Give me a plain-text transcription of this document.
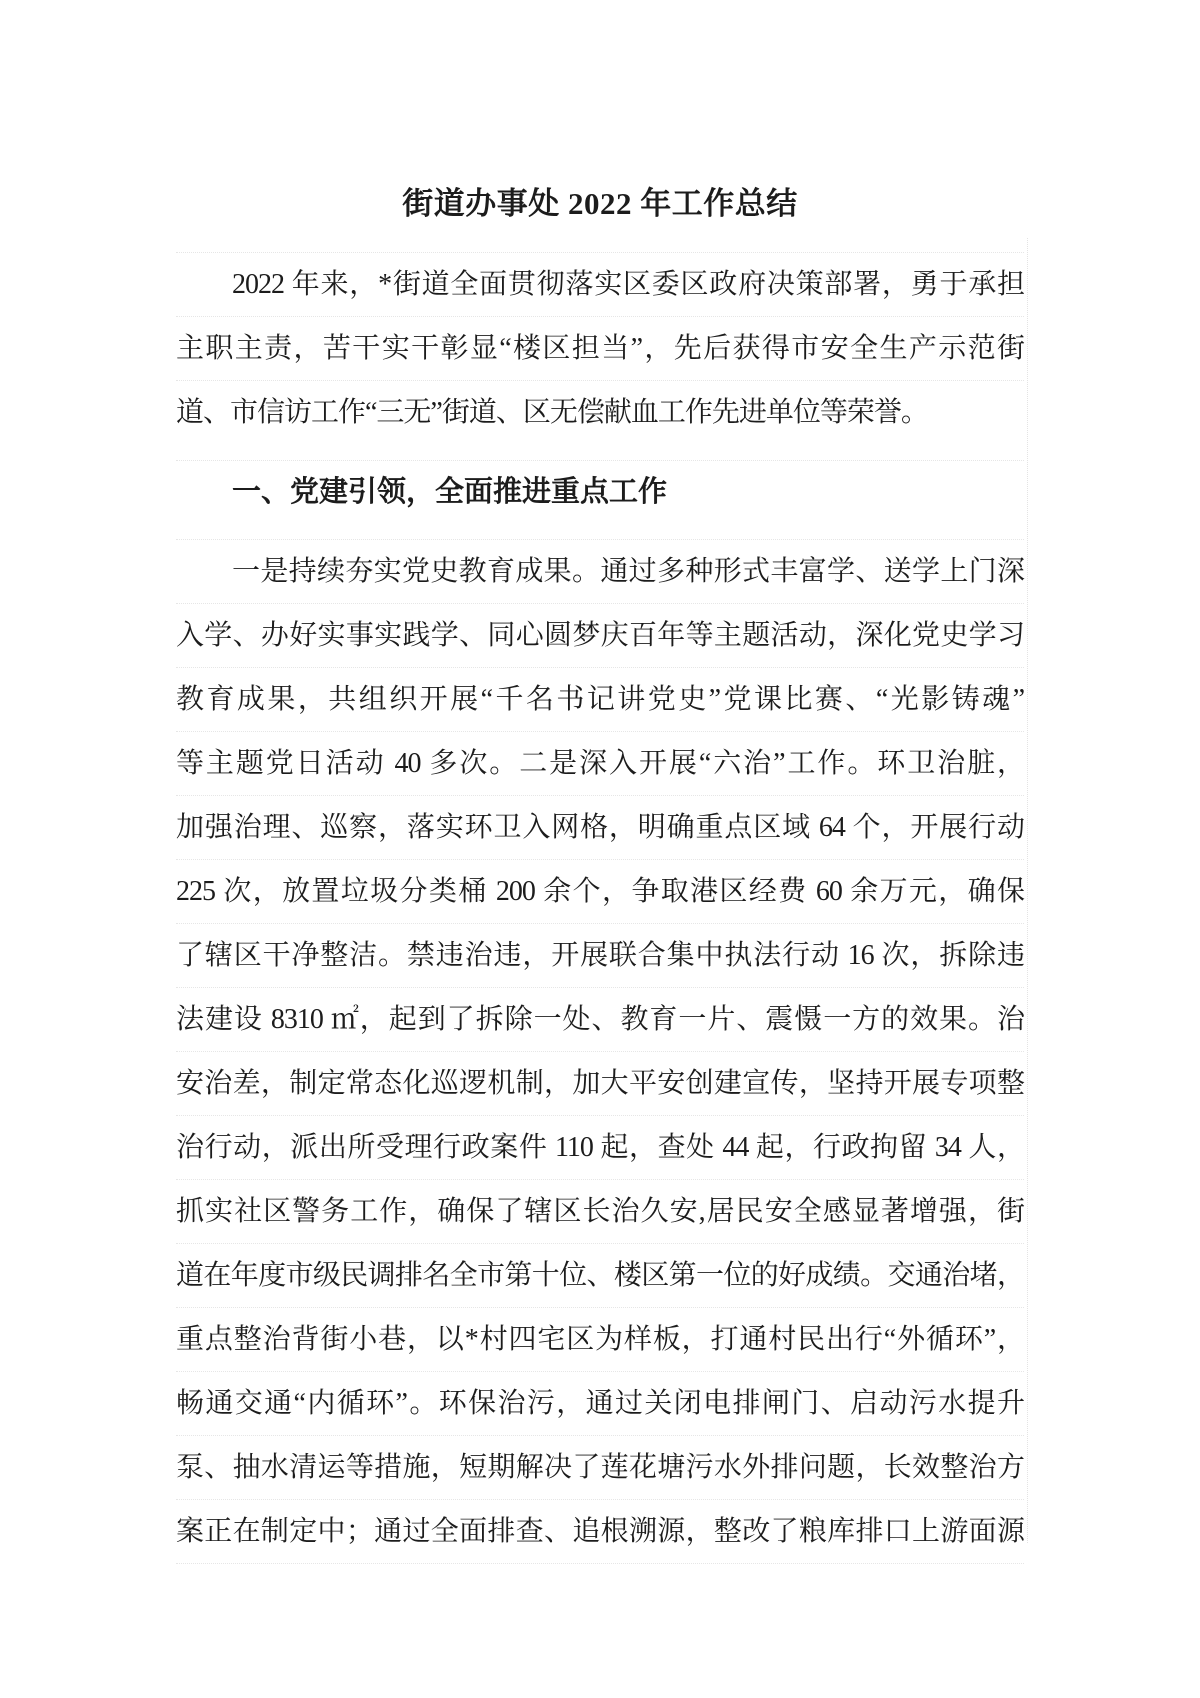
街道办事处 2022 年工作总结
2022 年来，*街道全面贯彻落实区委区政府决策部署，勇于承担
主职主责，苦干实干彰显“楼区担当”，先后获得市安全生产示范街
道、市信访工作“三无”街道、区无偿献血工作先进单位等荣誉。
一、党建引领，全面推进重点工作
一是持续夯实党史教育成果。通过多种形式丰富学、送学上门深
入学、办好实事实践学、同心圆梦庆百年等主题活动，深化党史学习
教育成果，共组织开展“千名书记讲党史”党课比赛、“光影铸魂”
等主题党日活动 40 多次。二是深入开展“六治”工作。环卫治脏，
加强治理、巡察，落实环卫入网格，明确重点区域 64 个，开展行动
225 次，放置垃圾分类桶 200 余个，争取港区经费 60 余万元，确保
了辖区干净整洁。禁违治违，开展联合集中执法行动 16 次，拆除违
法建设 8310 ㎡，起到了拆除一处、教育一片、震慑一方的效果。治
安治差，制定常态化巡逻机制，加大平安创建宣传，坚持开展专项整
治行动，派出所受理行政案件 110 起，查处 44 起，行政拘留 34 人，
抓实社区警务工作，确保了辖区长治久安,居民安全感显著增强，街
道在年度市级民调排名全市第十位、楼区第一位的好成绩。交通治堵，
重点整治背街小巷，以*村四宅区为样板，打通村民出行“外循环”，
畅通交通“内循环”。环保治污，通过关闭电排闸门、启动污水提升
泵、抽水清运等措施，短期解决了莲花塘污水外排问题，长效整治方
案正在制定中；通过全面排查、追根溯源，整改了粮库排口上游面源
